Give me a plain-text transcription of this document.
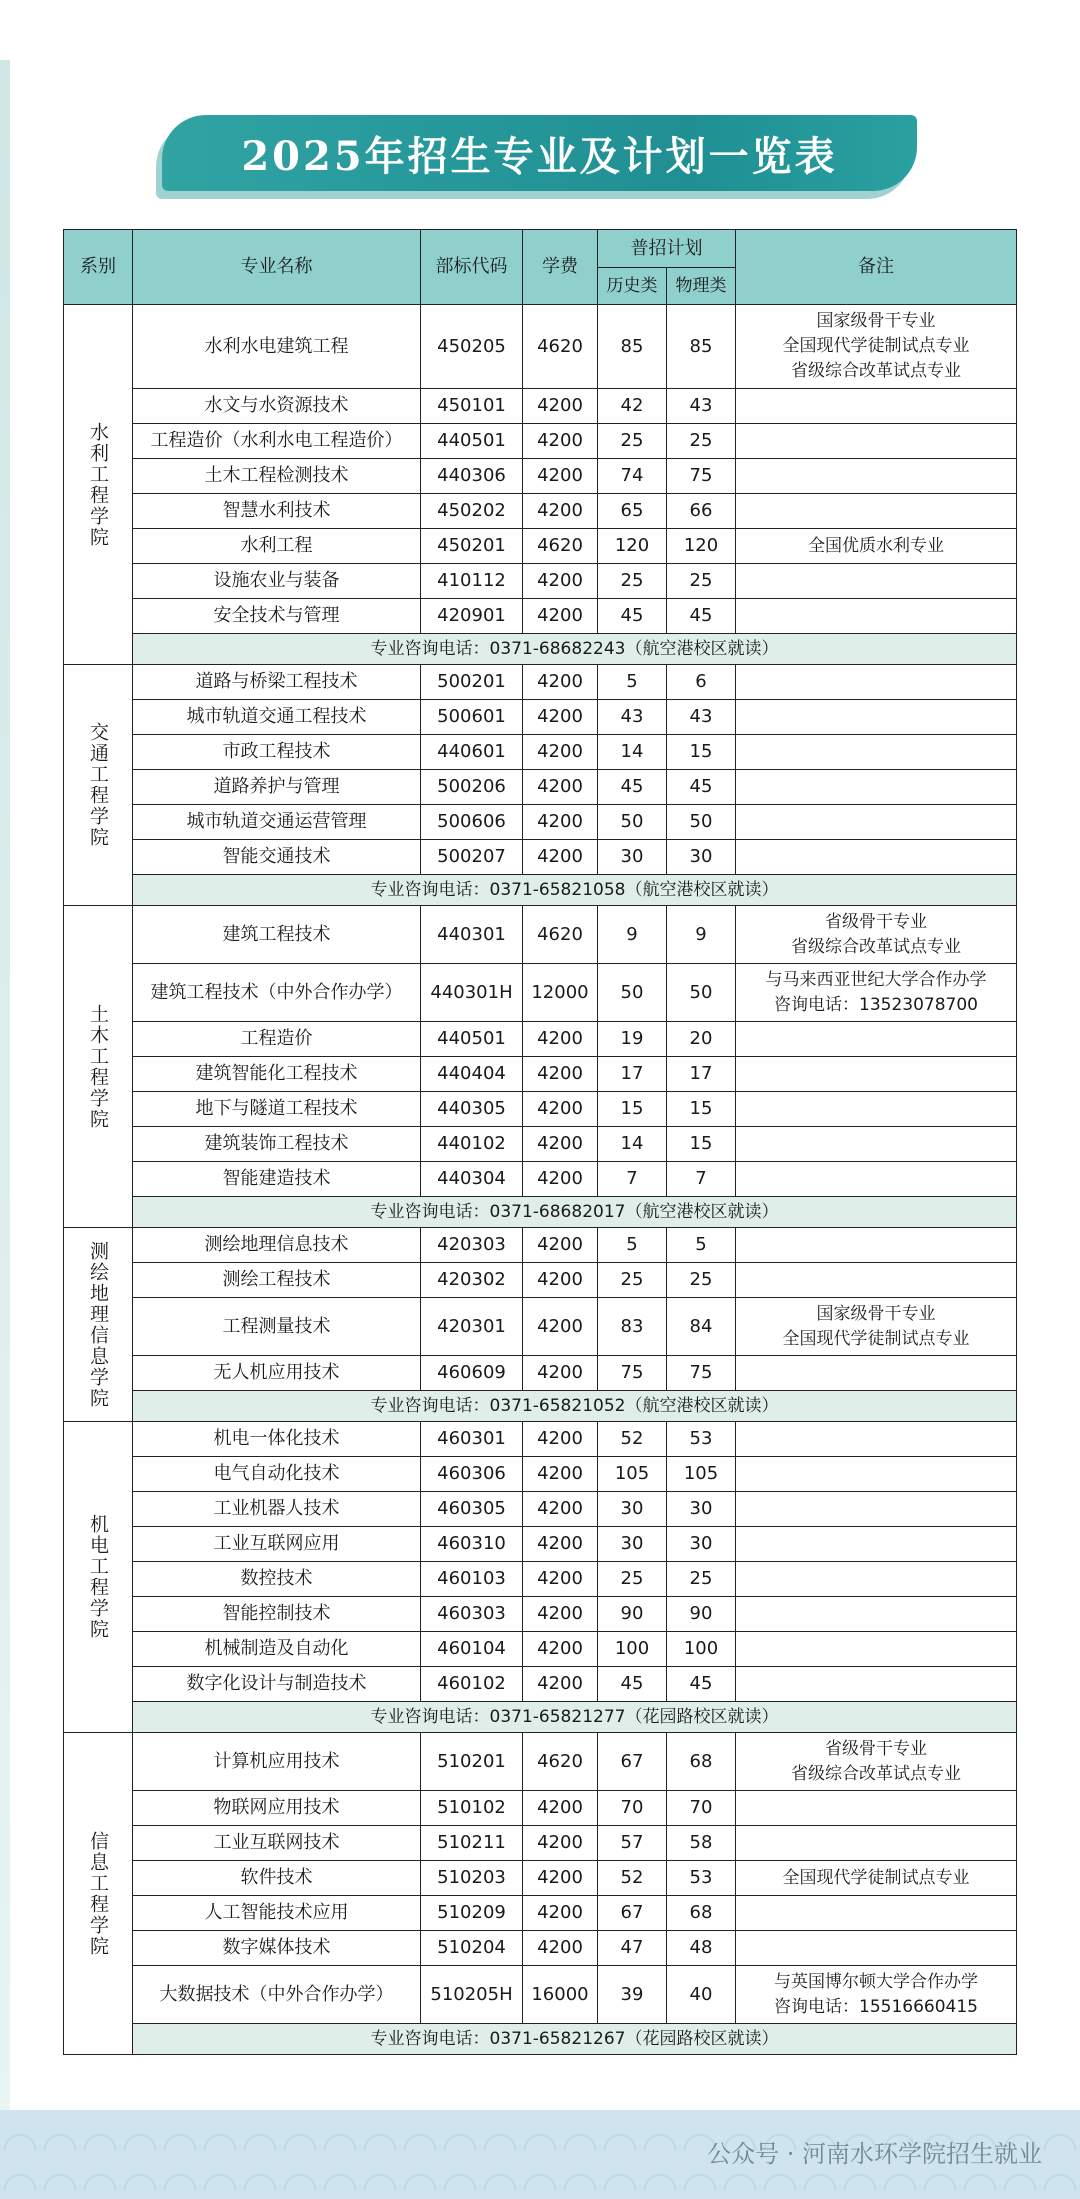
2025年招生专业及计划一览表
系别	专业名称	部标代码	学费	普招计划		备注
				历史类	物理类	
水利工程学院	水利水电建筑工程	450205	4620	85	85	国家级骨干专业
全国现代学徒制试点专业
省级综合改革试点专业

	水文与水资源技术	450101	4200	42	43	
	工程造价（水利水电工程造价）	440501	4200	25	25	
	土木工程检测技术	440306	4200	74	75	
	智慧水利技术	450202	4200	65	66	
	水利工程	450201	4620	120	120	全国优质水利专业

	设施农业与装备	410112	4200	25	25	
	安全技术与管理	420901	4200	45	45	
	专业咨询电话：0371-68682243（航空港校区就读）					
交通工程学院	道路与桥梁工程技术	500201	4200	5	6	
	城市轨道交通工程技术	500601	4200	43	43	
	市政工程技术	440601	4200	14	15	
	道路养护与管理	500206	4200	45	45	
	城市轨道交通运营管理	500606	4200	50	50	
	智能交通技术	500207	4200	30	30	
	专业咨询电话：0371-65821058（航空港校区就读）					
土木工程学院	建筑工程技术	440301	4620	9	9	省级骨干专业
省级综合改革试点专业

	建筑工程技术（中外合作办学）	440301H	12000	50	50	与马来西亚世纪大学合作办学
咨询电话：13523078700

	工程造价	440501	4200	19	20	
	建筑智能化工程技术	440404	4200	17	17	
	地下与隧道工程技术	440305	4200	15	15	
	建筑装饰工程技术	440102	4200	14	15	
	智能建造技术	440304	4200	7	7	
	专业咨询电话：0371-68682017（航空港校区就读）					
测绘地理信息学院	测绘地理信息技术	420303	4200	5	5	
	测绘工程技术	420302	4200	25	25	
	工程测量技术	420301	4200	83	84	国家级骨干专业
全国现代学徒制试点专业

	无人机应用技术	460609	4200	75	75	
	专业咨询电话：0371-65821052（航空港校区就读）					
机电工程学院	机电一体化技术	460301	4200	52	53	
	电气自动化技术	460306	4200	105	105	
	工业机器人技术	460305	4200	30	30	
	工业互联网应用	460310	4200	30	30	
	数控技术	460103	4200	25	25	
	智能控制技术	460303	4200	90	90	
	机械制造及自动化	460104	4200	100	100	
	数字化设计与制造技术	460102	4200	45	45	
	专业咨询电话：0371-65821277（花园路校区就读）					
信息工程学院	计算机应用技术	510201	4620	67	68	省级骨干专业
省级综合改革试点专业

	物联网应用技术	510102	4200	70	70	
	工业互联网技术	510211	4200	57	58	
	软件技术	510203	4200	52	53	全国现代学徒制试点专业

	人工智能技术应用	510209	4200	67	68	
	数字媒体技术	510204	4200	47	48	
	大数据技术（中外合作办学）	510205H	16000	39	40	与英国博尔顿大学合作办学
咨询电话：15516660415

	专业咨询电话：0371-65821267（花园路校区就读）					
公众号 · 河南水环学院招生就业
